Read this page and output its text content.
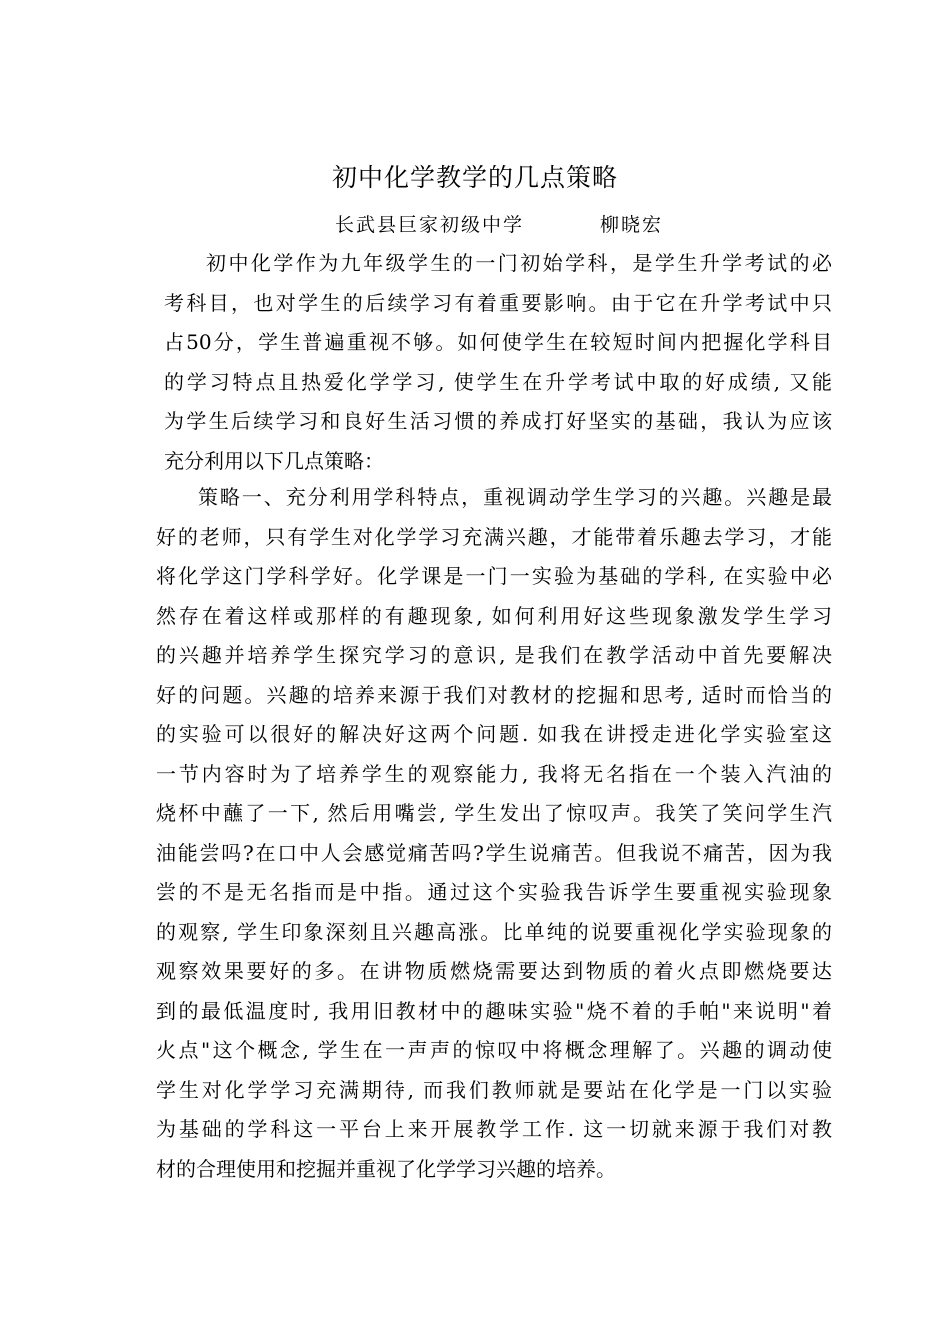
初中化学教学的几点策略
长武县巨家初级中学	柳晓宏

初中化学作为九年级学生的一门初始学科，是学生升学考试的必
考科目，也对学生的后续学习有着重要影响。由于它在升学考试中只
占50分，学生普遍重视不够。如何使学生在较短时间内把握化学科目
的学习特点且热爱化学学习, 使学生在升学考试中取的好成绩, 又能
为学生后续学习和良好生活习惯的养成打好坚实的基础，我认为应该
充分利用以下几点策略：

策略一、充分利用学科特点，重视调动学生学习的兴趣。兴趣是最
好的老师，只有学生对化学学习充满兴趣，才能带着乐趣去学习，才能
将化学这门学科学好。化学课是一门一实验为基础的学科, 在实验中必
然存在着这样或那样的有趣现象, 如何利用好这些现象激发学生学习
的兴趣并培养学生探究学习的意识, 是我们在教学活动中首先要解决
好的问题。兴趣的培养来源于我们对教材的挖掘和思考, 适时而恰当的
的实验可以很好的解决好这两个问题. 如我在讲授走进化学实验室这
一节内容时为了培养学生的观察能力, 我将无名指在一个装入汽油的
烧杯中蘸了一下, 然后用嘴尝, 学生发出了惊叹声。我笑了笑问学生汽
油能尝吗?在口中人会感觉痛苦吗?学生说痛苦。但我说不痛苦，因为我
尝的不是无名指而是中指。通过这个实验我告诉学生要重视实验现象
的观察, 学生印象深刻且兴趣高涨。比单纯的说要重视化学实验现象的
观察效果要好的多。在讲物质燃烧需要达到物质的着火点即燃烧要达
到的最低温度时, 我用旧教材中的趣味实验"烧不着的手帕"来说明"着
火点"这个概念, 学生在一声声的惊叹中将概念理解了。兴趣的调动使
学生对化学学习充满期待, 而我们教师就是要站在化学是一门以实验
为基础的学科这一平台上来开展教学工作. 这一切就来源于我们对教
材的合理使用和挖掘并重视了化学学习兴趣的培养。
